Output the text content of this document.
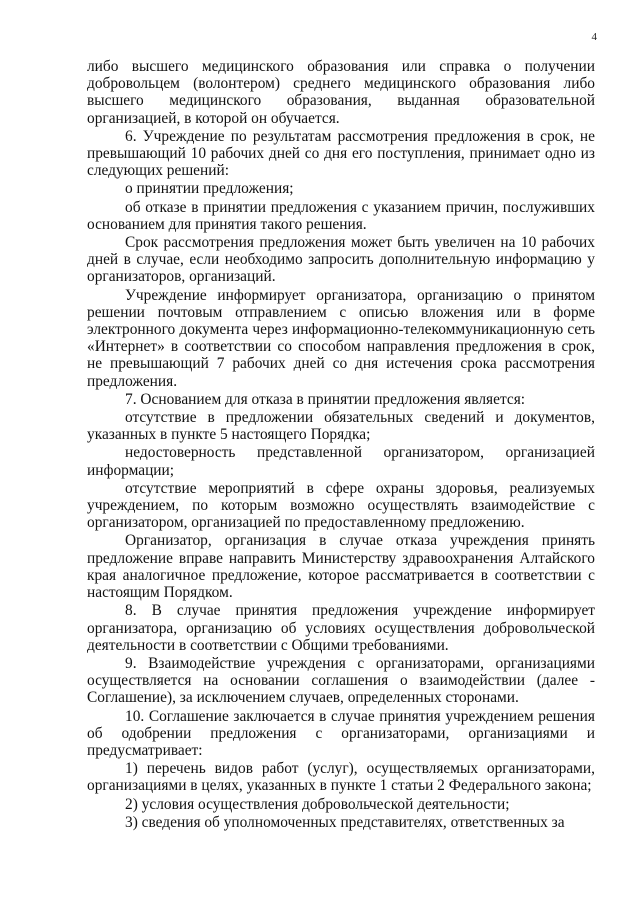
4

либо высшего медицинского образования или справка о получении добровольцем (волонтером) среднего медицинского образования либо высшего медицинского образования, выданная образовательной организацией, в которой он обучается.

6. Учреждение по результатам рассмотрения предложения в срок, не превышающий 10 рабочих дней со дня его поступления, принимает одно из следующих решений:

о принятии предложения;

об отказе в принятии предложения с указанием причин, послуживших основанием для принятия такого решения.

Срок рассмотрения предложения может быть увеличен на 10 рабочих дней в случае, если необходимо запросить дополнительную информацию у организаторов, организаций.

Учреждение информирует организатора, организацию о принятом решении почтовым отправлением с описью вложения или в форме электронного документа через информационно-телекоммуникационную сеть «Интернет» в соответствии со способом направления предложения в срок, не превышающий 7 рабочих дней со дня истечения срока рассмотрения предложения.

7. Основанием для отказа в принятии предложения является:

отсутствие в предложении обязательных сведений и документов, указанных в пункте 5 настоящего Порядка;

недостоверность представленной организатором, организацией информации;

отсутствие мероприятий в сфере охраны здоровья, реализуемых учреждением, по которым возможно осуществлять взаимодействие с организатором, организацией по предоставленному предложению.

Организатор, организация в случае отказа учреждения принять предложение вправе направить Министерству здравоохранения Алтайского края аналогичное предложение, которое рассматривается в соответствии с настоящим Порядком.

8. В случае принятия предложения учреждение информирует организатора, организацию об условиях осуществления добровольческой деятельности в соответствии с Общими требованиями.

9. Взаимодействие учреждения с организаторами, организациями осуществляется на основании соглашения о взаимодействии (далее - Соглашение), за исключением случаев, определенных сторонами.

10. Соглашение заключается в случае принятия учреждением решения об одобрении предложения с организаторами, организациями и предусматривает:

1) перечень видов работ (услуг), осуществляемых организаторами, организациями в целях, указанных в пункте 1 статьи 2 Федерального закона;

2) условия осуществления добровольческой деятельности;

3) сведения об уполномоченных представителях, ответственных за
